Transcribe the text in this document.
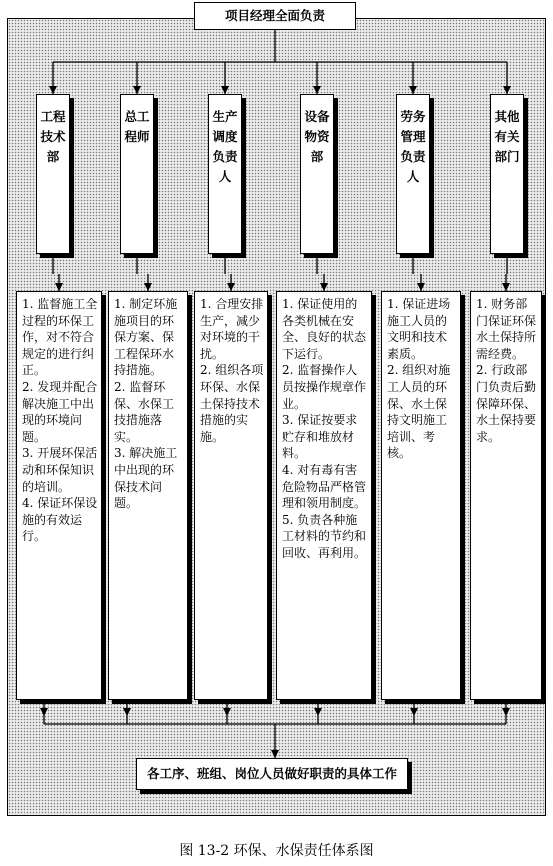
项目经理全面负责
工程技术部
总工程师
生产调度负责人
设备物资部
劳务管理负责人
其他有关部门

1. 监督施工全过程的环保工作，对不符合规定的进行纠正。

2. 发现并配合解决施工中出现的环境问题。

3. 开展环保活动和环保知识的培训。

4. 保证环保设施的有效运行。

1. 制定环施施项目的环保方案、保工程保环水持措施。

2. 监督环保、水保工技措施落实。

3. 解决施工中出现的环保技术问题。

1. 合理安排生产，减少对环境的干扰。

2. 组织各项环保、水保土保持技术措施的实施。

1. 保证使用的各类机械在安全、良好的状态下运行。

2. 监督操作人员按操作规章作业。

3. 保证按要求贮存和堆放材料。

4. 对有毒有害危险物品严格管理和领用制度。

5. 负责各种施工材料的节约和回收、再利用。

1. 保证进场施工人员的文明和技术素质。

2. 组织对施工人员的环保、水土保持文明施工培训、考核。

1. 财务部门保证环保水土保持所需经费。

2. 行政部门负责后勤保障环保、水土保持要求。

各工序、班组、岗位人员做好职责的具体工作
图 13-2 环保、水保责任体系图
